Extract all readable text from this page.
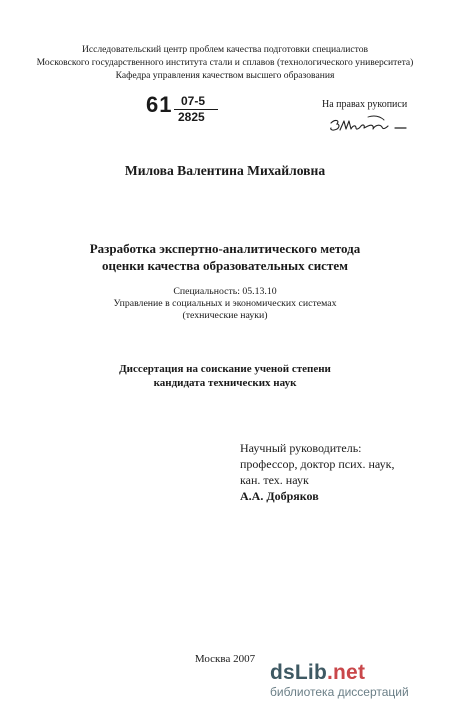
Исследовательский центр проблем качества подготовки специалистов
Московского государственного института стали и сплавов (технологического университета)
Кафедра управления качеством высшего образования
61 07-5
2825
На правах рукописи
Милова Валентина Михайловна
Разработка экспертно-аналитического метода
оценки качества образовательных систем
Специальность: 05.13.10
Управление в социальных и экономических системах
(технические науки)
Диссертация на соискание ученой степени
кандидата технических наук
Научный руководитель:
профессор, доктор псих. наук,
кан. тех. наук
А.А. Добряков
Москва 2007
dsLib.net
библиотека диссертаций
